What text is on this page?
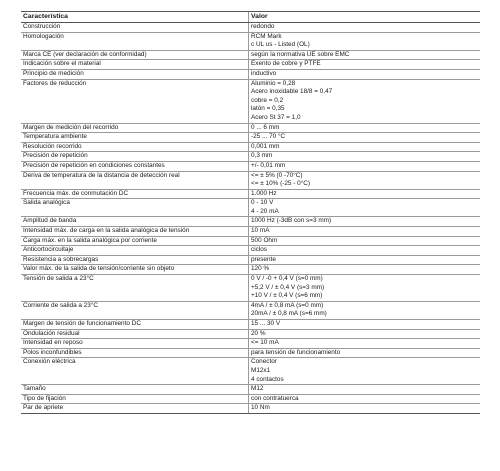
Característica	Valor
Construcción	redondo
Homologación	RCM Mark
c UL us - Listed (OL)
Marca CE (ver declaración de conformidad)	según la normativa UE sobre EMC
Indicación sobre el material	Exento de cobre y PTFE
Principio de medición	inductivo
Factores de reducción	Aluminio = 0,28
Acero inoxidable 18/8 = 0,47
cobre = 0,2
latón = 0,35
Acero St 37 = 1,0
Margen de medición del recorrido	0 ... 6 mm
Temperatura ambiente	-25 ... 70 °C
Resolución recorrido	0,001 mm
Precisión de repetición	0,3 mm
Precisión de repetición en condiciones constantes	+/- 0,01 mm
Deriva de temperatura de la distancia de detección real	<= ± 5% (0 -70°C)
<= ± 10% (-25 - 0°C)
Frecuencia máx. de conmutación DC	1.000 Hz
Salida analógica	0 - 10 V
4 - 20 mA
Amplitud de banda	1000 Hz (-3dB con s=3 mm)
Intensidad máx. de carga en la salida analógica de tensión	10 mA
Carga máx. en la salida analógica por corriente	500 Ohm
Anticortocircuitaje	ciclos
Resistencia a sobrecargas	presente
Valor máx. de la salida de tensión/corriente sin objeto	120 %
Tensión de salida a 23°C	0 V / -0 + 0,4 V (s=0 mm)
+5,2 V / ± 0,4 V (s=3 mm)
+10 V / ± 0,4 V (s=6 mm)
Corriente de salida a 23°C	4mA / ± 0,8 mA (s=0 mm)
20mA / ± 0,8 mA (s=6 mm)
Margen de tensión de funcionamiento DC	15 ... 30 V
Ondulación residual	20 %
Intensidad en reposo	<= 10 mA
Polos inconfundibles	para tensión de funcionamiento
Conexión eléctrica	Conector
M12x1
4 contactos
Tamaño	M12
Tipo de fijación	con contratuerca
Par de apriete	10 Nm
